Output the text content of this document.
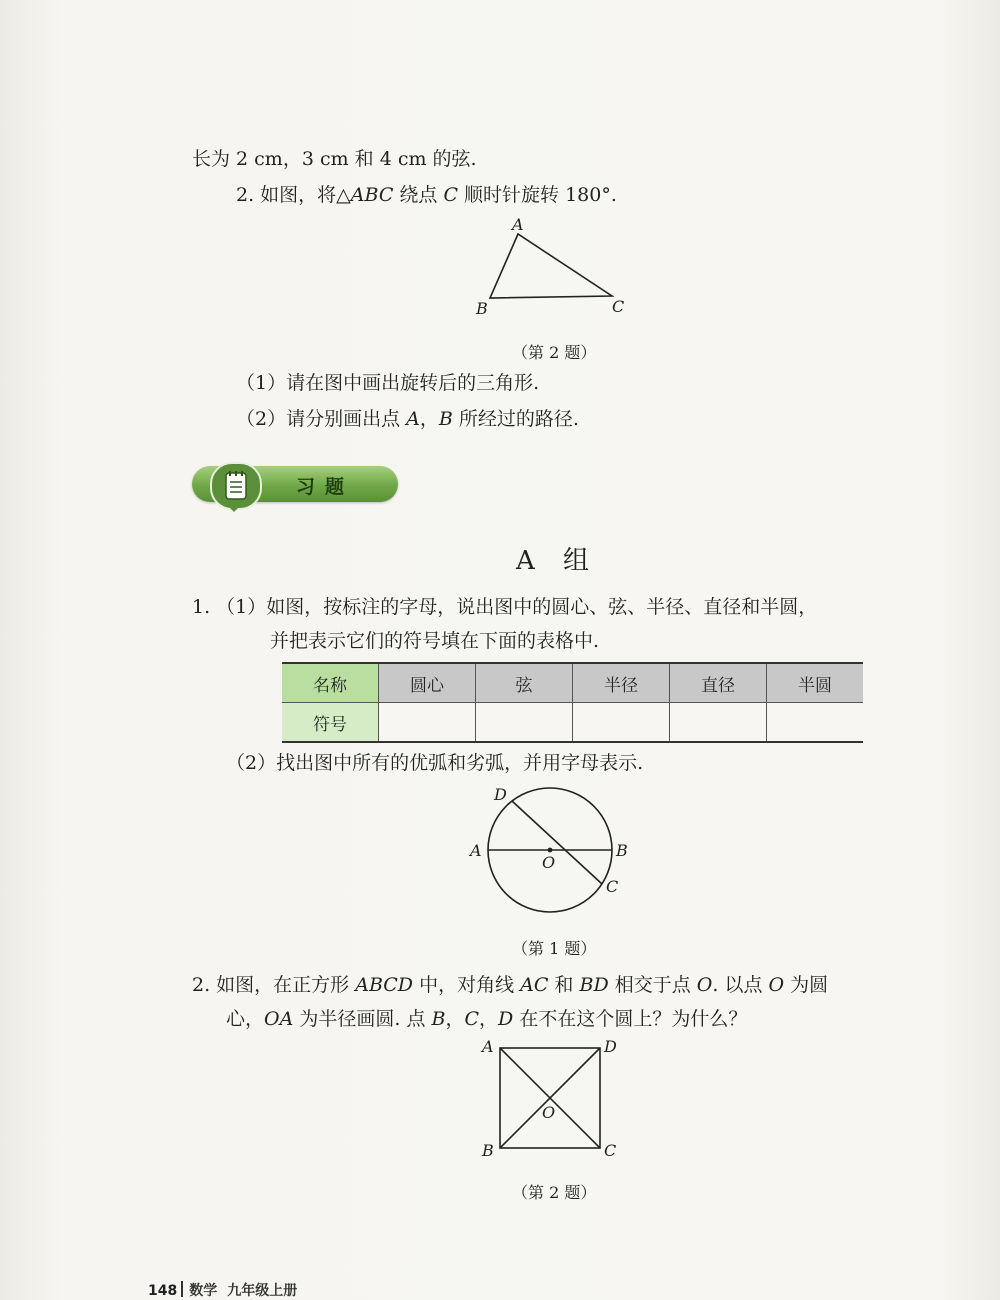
长为 2 cm，3 cm 和 4 cm 的弦.
2. 如图，将△ABC 绕点 C 顺时针旋转 180°.
A
B	C
（第 2 题）
（1）请在图中画出旋转后的三角形.
（2）请分别画出点 A，B 所经过的路径.
习题
A 组
1. （1）如图，按标注的字母，说出图中的圆心、弦、半径、直径和半圆，
并把表示它们的符号填在下面的表格中.
名称	圆心	弦	半径	直径	半圆
符号					
（2）找出图中所有的优弧和劣弧，并用字母表示.
D
A	B
O
C
（第 1 题）
2. 如图，在正方形 ABCD 中，对角线 AC 和 BD 相交于点 O. 以点 O 为圆
心，OA 为半径画圆. 点 B，C，D 在不在这个圆上？为什么？
A	D
O
B	C
（第 2 题）
148 数学 九年级上册
